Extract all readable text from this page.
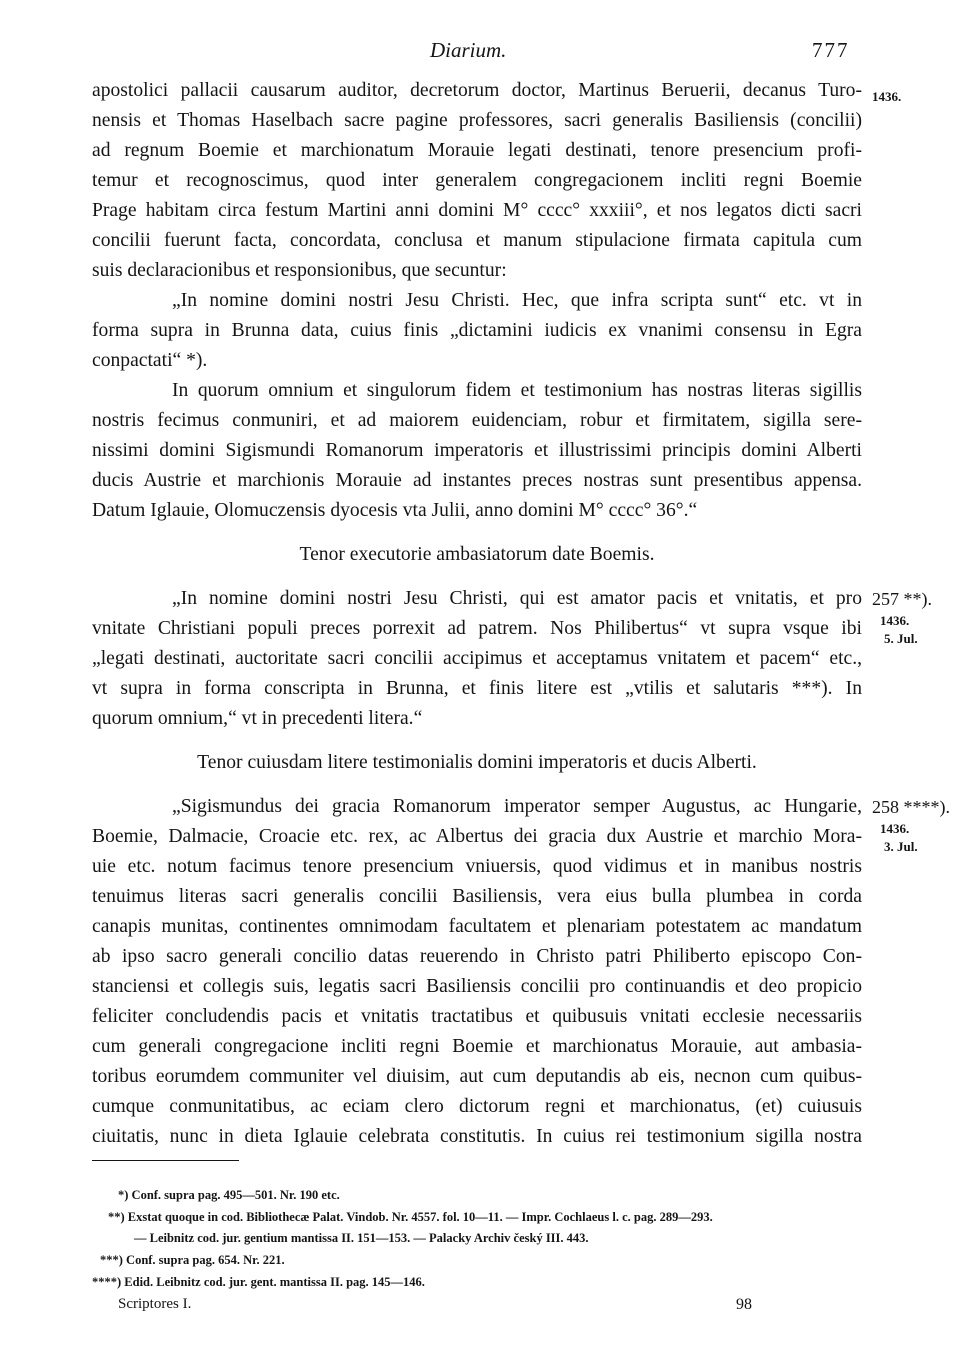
Diarium.	777
apostolici pallacii causarum auditor, decretorum doctor, Martinus Beruerii, decanus Turo-
nensis et Thomas Haselbach sacre pagine professores, sacri generalis Basiliensis (concilii)
ad regnum Boemie et marchionatum Morauie legati destinati, tenore presencium profi-
temur et recognoscimus, quod inter generalem congregacionem incliti regni Boemie
Prage habitam circa festum Martini anni domini M° cccc° xxxiii°, et nos legatos dicti sacri
concilii fuerunt facta, concordata, conclusa et manum stipulacione firmata capitula cum
suis declaracionibus et responsionibus, que secuntur:
„In nomine domini nostri Jesu Christi. Hec, que infra scripta sunt“ etc. vt in
forma supra in Brunna data, cuius finis „dictamini iudicis ex vnanimi consensu in Egra
conpactati“ *).
In quorum omnium et singulorum fidem et testimonium has nostras literas sigillis
nostris fecimus conmuniri, et ad maiorem euidenciam, robur et firmitatem, sigilla sere-
nissimi domini Sigismundi Romanorum imperatoris et illustrissimi principis domini Alberti
ducis Austrie et marchionis Morauie ad instantes preces nostras sunt presentibus appensa.
Datum Iglauie, Olomuczensis dyocesis vta Julii, anno domini M° cccc° 36°.“
Tenor executorie ambasiatorum date Boemis.
„In nomine domini nostri Jesu Christi, qui est amator pacis et vnitatis, et pro
vnitate Christiani populi preces porrexit ad patrem. Nos Philibertus“ vt supra vsque ibi
„legati destinati, auctoritate sacri concilii accipimus et acceptamus vnitatem et pacem“ etc.,
vt supra in forma conscripta in Brunna, et finis litere est „vtilis et salutaris ***). In
quorum omnium,“ vt in precedenti litera.“
Tenor cuiusdam litere testimonialis domini imperatoris et ducis Alberti.
„Sigismundus dei gracia Romanorum imperator semper Augustus, ac Hungarie,
Boemie, Dalmacie, Croacie etc. rex, ac Albertus dei gracia dux Austrie et marchio Mora-
uie etc. notum facimus tenore presencium vniuersis, quod vidimus et in manibus nostris
tenuimus literas sacri generalis concilii Basiliensis, vera eius bulla plumbea in corda
canapis munitas, continentes omnimodam facultatem et plenariam potestatem ac mandatum
ab ipso sacro generali concilio datas reuerendo in Christo patri Philiberto episcopo Con-
stanciensi et collegis suis, legatis sacri Basiliensis concilii pro continuandis et deo propicio
feliciter concludendis pacis et vnitatis tractatibus et quibusuis vnitati ecclesie necessariis
cum generali congregacione incliti regni Boemie et marchionatus Morauie, aut ambasia-
toribus eorumdem communiter vel diuisim, aut cum deputandis ab eis, necnon cum quibus-
cumque conmunitatibus, ac eciam clero dictorum regni et marchionatus, (et) cuiusuis
ciuitatis, nunc in dieta Iglauie celebrata constitutis. In cuius rei testimonium sigilla nostra
1436.
257 **).
1436.
5. Jul.
258 ****).
1436.
3. Jul.
*) Conf. supra pag. 495—501. Nr. 190 etc.
**) Exstat quoque in cod. Bibliothecæ Palat. Vindob. Nr. 4557. fol. 10—11. — Impr. Cochlaeus l. c. pag. 289—293.
— Leibnitz cod. jur. gentium mantissa II. 151—153. — Palacky Archiv český III. 443.
***) Conf. supra pag. 654. Nr. 221.
****) Edid. Leibnitz cod. jur. gent. mantissa II. pag. 145—146.
Scriptores I.	98
